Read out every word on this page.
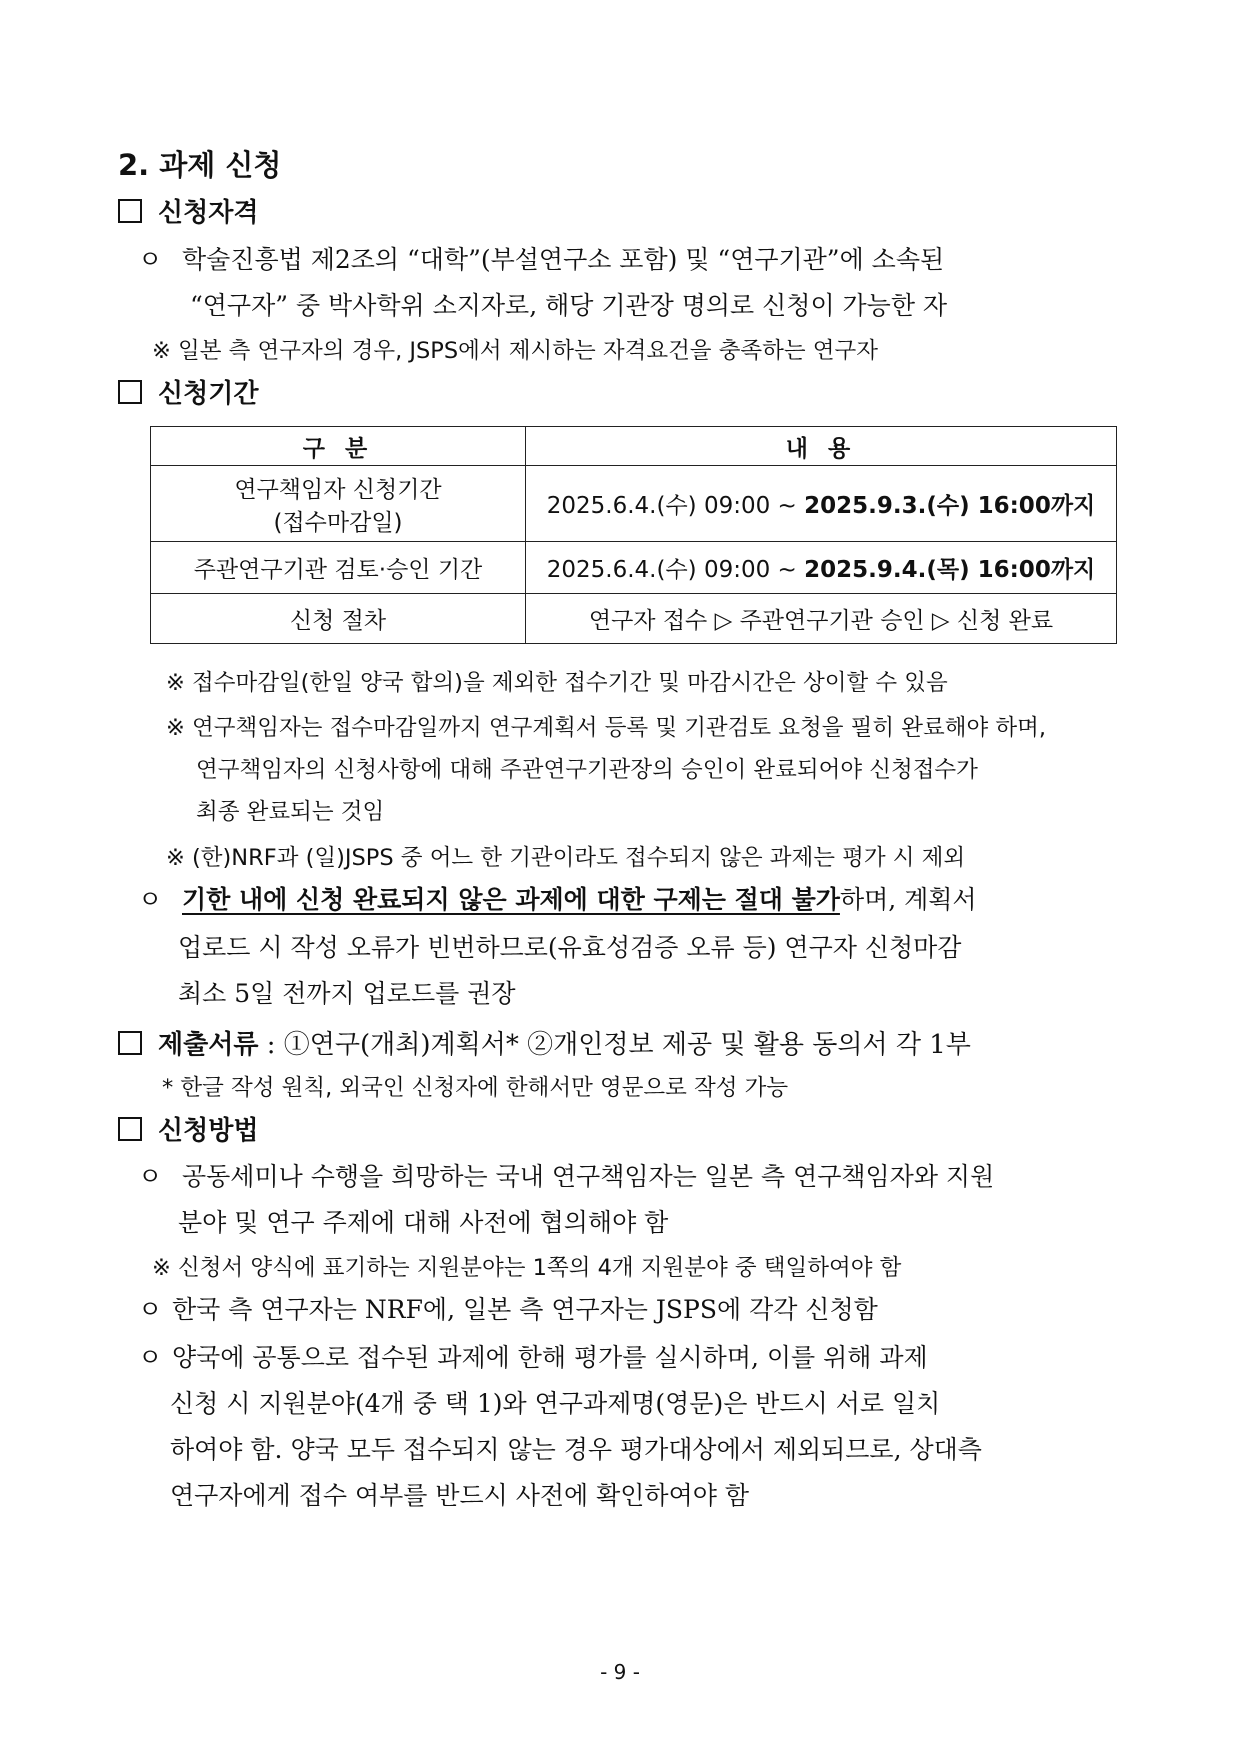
2. 과제 신청
신청자격
ㅇ 학술진흥법 제2조의 “대학”(부설연구소 포함) 및 “연구기관”에 소속된
“연구자” 중 박사학위 소지자로, 해당 기관장 명의로 신청이 가능한 자
※ 일본 측 연구자의 경우, JSPS에서 제시하는 자격요건을 충족하는 연구자
신청기간
구 분	내 용
연구책임자 신청기간
(접수마감일)	2025.6.4.(수) 09:00 ~ 2025.9.3.(수) 16:00까지
주관연구기관 검토·승인 기간	2025.6.4.(수) 09:00 ~ 2025.9.4.(목) 16:00까지
신청 절차	연구자 접수 ▷ 주관연구기관 승인 ▷ 신청 완료
※ 접수마감일(한일 양국 합의)을 제외한 접수기간 및 마감시간은 상이할 수 있음
※ 연구책임자는 접수마감일까지 연구계획서 등록 및 기관검토 요청을 필히 완료해야 하며,
연구책임자의 신청사항에 대해 주관연구기관장의 승인이 완료되어야 신청접수가
최종 완료되는 것임
※ (한)NRF과 (일)JSPS 중 어느 한 기관이라도 접수되지 않은 과제는 평가 시 제외
ㅇ 기한 내에 신청 완료되지 않은 과제에 대한 구제는 절대 불가하며, 계획서
업로드 시 작성 오류가 빈번하므로(유효성검증 오류 등) 연구자 신청마감
최소 5일 전까지 업로드를 권장
제출서류 : ①연구(개최)계획서* ②개인정보 제공 및 활용 동의서 각 1부
* 한글 작성 원칙, 외국인 신청자에 한해서만 영문으로 작성 가능
신청방법
ㅇ 공동세미나 수행을 희망하는 국내 연구책임자는 일본 측 연구책임자와 지원
분야 및 연구 주제에 대해 사전에 협의해야 함
※ 신청서 양식에 표기하는 지원분야는 1쪽의 4개 지원분야 중 택일하여야 함
ㅇ 한국 측 연구자는 NRF에, 일본 측 연구자는 JSPS에 각각 신청함
ㅇ 양국에 공통으로 접수된 과제에 한해 평가를 실시하며, 이를 위해 과제
신청 시 지원분야(4개 중 택 1)와 연구과제명(영문)은 반드시 서로 일치
하여야 함. 양국 모두 접수되지 않는 경우 평가대상에서 제외되므로, 상대측
연구자에게 접수 여부를 반드시 사전에 확인하여야 함
- 9 -
